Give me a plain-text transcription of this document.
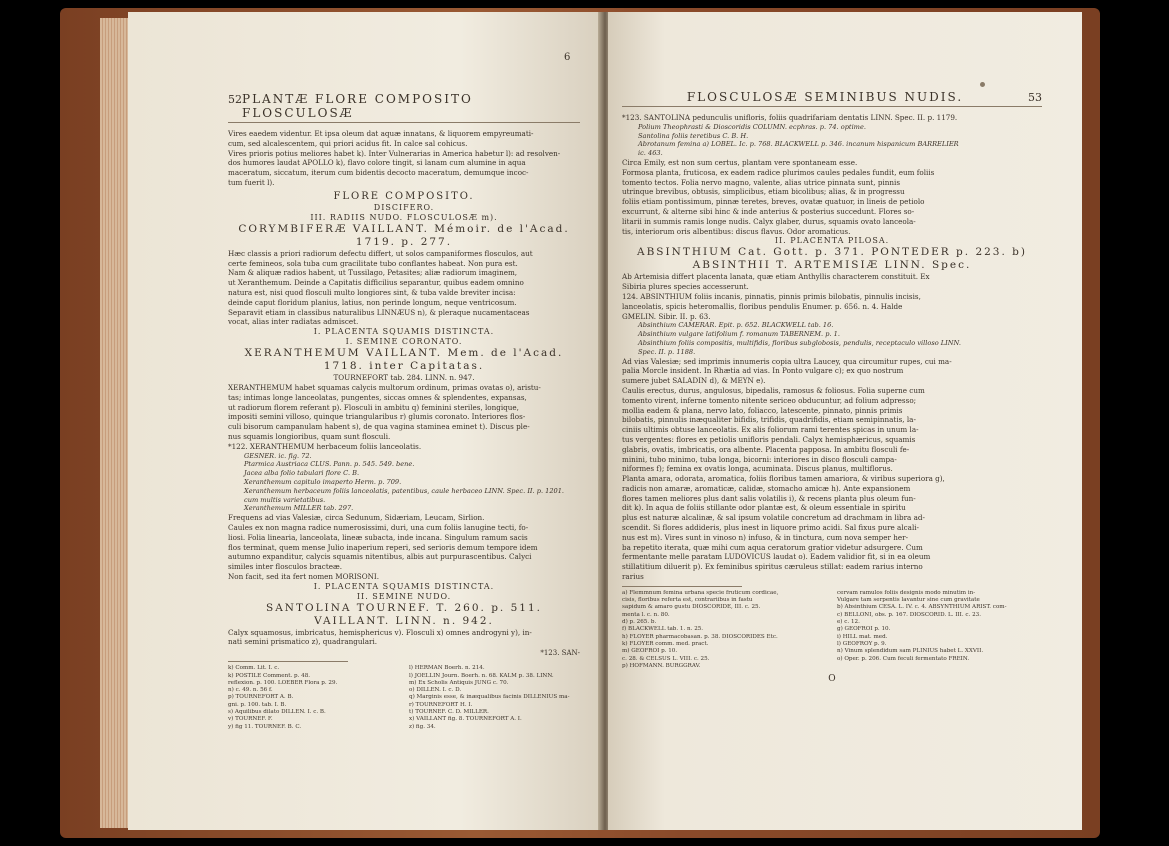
6
52 PLANTÆ FLORE COMPOSITO FLOSCULOSÆ
Vires eaedem videntur. Et ipsa oleum dat aquæ innatans, & liquorem empyreumati-
cum, sed alcalescentem, qui priori acidus fit. In calce sal cohicus.
Vires prioris potius meliores habet k). Inter Vulnerarias in America habetur l): ad resolven-
dos humores laudat APOLLO k), flavo colore tingit, si lanam cum alumine in aqua
maceratum, siccatum, iterum cum bidentis decocto maceratum, demumque incoc-
tum fuerit l).
FLORE COMPOSITO.
DISCIFERO.
III. RADIIS NUDO. FLOSCULOSÆ m).
CORYMBIFERÆ VAILLANT. Mémoir. de l'Acad. 1719. p. 277.
Hæc classis a priori radiorum defectu differt, ut solos campaniformes flosculos, aut
certe femineos, sola tuba cum gracilitate tubo conflantes habeat. Non pura est.
Nam & aliquæ radios habent, ut Tussilago, Petasites; aliæ radiorum imaginem,
ut Xeranthemum. Deinde a Capitatis difficilius separantur, quibus eadem omnino
natura est, nisi quod flosculi multo longiores sint, & tuba valde breviter incisa:
deinde caput floridum planius, latius, non perinde longum, neque ventricosum.
Separavit etiam in classibus naturalibus LINNÆUS n), & pleraque nucamentaceas
vocat, alias inter radiatas admiscet.
I. PLACENTA SQUAMIS DISTINCTA.
I. SEMINE CORONATO.
XERANTHEMUM VAILLANT. Mem. de l'Acad. 1718. inter Capitatas.
TOURNEFORT tab. 284. LINN. n. 947.
XERANTHEMUM habet squamas calycis multorum ordinum, primas ovatas o), aristu-
tas; intimas longe lanceolatas, pungentes, siccas omnes & splendentes, expansas,
ut radiorum florem referant p). Flosculi in ambitu q) feminini steriles, longique,
impositi semini villoso, quinque triangularibus r) glumis coronato. Interiores flos-
culi bisorum campanulam habent s), de qua vagina staminea eminet t). Discus ple-
nus squamis longioribus, quam sunt flosculi.

*122. XERANTHEMUM herbaceum foliis lanceolatis.

GESNER. ic. fig. 72.
Ptarmica Austriaca CLUS. Pann. p. 545. 549. bene.
Jacea alba folio tabulari flore C. B.
Xeranthemum capitulo imaperto Herm. p. 709.
Xeranthemum herbaceum foliis lanceolatis, patentibus, caule herbaceo LINN. Spec. II. p. 1201.
cum multis varietatibus.
Xeranthemum MILLER tab. 297.
Frequens ad vias Valesiæ, circa Sedunum, Sidæriam, Leucam, Sirlion.
Caules ex non magna radice numerosissimi, duri, una cum foliis lanugine tecti, fo-
liosi. Folia linearia, lanceolata, lineæ subacta, inde incana. Singulum ramum sacis
flos terminat, quem mense Julio inaperium reperi, sed serioris demum tempore idem
autumno expanditur, calycis squamis nitentibus, albis aut purpurascentibus. Calyci
similes inter flosculos bracteæ.
Non facit, sed ita fert nomen MORISONI.
I. PLACENTA SQUAMIS DISTINCTA.
II. SEMINE NUDO.
SANTOLINA TOURNEF. T. 260. p. 511. VAILLANT. LINN. n. 942.
Calyx squamosus, imbricatus, hemisphericus v). Flosculi x) omnes androgyni y), in-
nati semini prismatico z), quadrangulari.
*123. SAN-
k) Comm. Lit. I. c.	l) HERMAN Boerh. n. 214.
k) POSTILE Comment. p. 48.	l) JOELLIN Journ. Boerh. n. 68. KALM p. 38. LINN.
reflexion. p. 100. LOEBER Flora p. 29.	m) Ex Scholis Antiquis JUNG c. 70.
n) c. 49. n. 56 f.	o) DILLEN. I. c. D.
p) TOURNEFORT A. B.	q) Marginis esse, & inæqualibus facinis DILLENIUS ma-
gni. p. 100. tab. I. B.	r) TOURNEFORT H. I.
s) Aquilibus dilato DILLEN. I. c. B.	t) TOURNEF. C. D. MILLER.
v) TOURNEF. F.	x) VAILLANT fig. 8. TOURNEFORT A. I.
y) fig 11. TOURNEF. B. C.	z) fig. 34.
FLOSCULOSÆ SEMINIBUS NUDIS.	53

*123. SANTOLINA pedunculis unifloris, foliis quadrifariam dentatis LINN. Spec. II. p. 1179.

Polium Theophrasti & Dioscoridis COLUMN. ecphras. p. 74. optime.
Santolina foliis teretibus C. B. H.
Abrotanum femina a) LOBEL. Ic. p. 768. BLACKWELL p. 346. incanum hispanicum BARRELIER
ic. 463.
Circa Emily, est non sum certus, plantam vere spontaneam esse.
Formosa planta, fruticosa, ex eadem radice plurimos caules pedales fundit, eum foliis
tomento tectos. Folia nervo magno, valente, alias utrice pinnata sunt, pinnis
utrinque brevibus, obtusis, simplicibus, etiam bicolibus; alias, & in progressu
foliis etiam pontissimum, pinnæ teretes, breves, ovatæ quatuor, in lineis de petiolo
excurrunt, & alterne sibi hinc & inde anterius & posterius succedunt. Flores so-
litarii in summis ramis longe nudis. Calyx glaber, durus, squamis ovato lanceola-
tis, interiorum oris albentibus: discus flavus. Odor aromaticus.
II. PLACENTA PILOSA.
ABSINTHIUM Cat. Gott. p. 371. PONTEDER p. 223. b)
ABSINTHII T. ARTEMISIÆ LINN. Spec.
Ab Artemisia differt placenta lanata, quæ etiam Anthyllis characterem constituit. Ex
Sibiria plures species accesserunt.

124. ABSINTHIUM foliis incanis, pinnatis, pinnis primis bilobatis, pinnulis incisis,

lanceolatis, spicis heteromallis, floribus pendulis Enumer. p. 656. n. 4. Halde
GMELIN. Sibir. II. p. 63.
Absinthium CAMERAR. Epit. p. 652. BLACKWELL tab. 16.
Absinthium vulgare latifolium f. romanum TABERNEM. p. 1.
Absinthium foliis compositis, multifidis, floribus subglobosis, pendulis, receptaculo villoso LINN.
Spec. II. p. 1188.
Ad vias Valesiæ; sed imprimis innumeris copia ultra Laucey, qua circumitur rupes, cui ma-
palia Morcle insident. In Rhætia ad vias. In Ponto vulgare c); ex quo nostrum
sumere jubet SALADIN d), & MEYN e).
Caulis erectus, durus, angulosus, bipedalis, ramosus & foliosus. Folia superne cum
tomento virent, inferne tomento nitente sericeo obducuntur, ad folium adpresso;
mollia eadem & plana, nervo lato, foliacco, latescente, pinnato, pinnis primis
bilobatis, pinnulis inæqualiter bifidis, trifidis, quadrifidis, etiam semipinnatis, la-
ciniis ultimis obtuse lanceolatis. Ex alis foliorum rami terentes spicas in unum la-
tus vergentes: flores ex petiolis unifloris pendali. Calyx hemisphæricus, squamis
glabris, ovatis, imbricatis, ora albente. Placenta papposa. In ambitu flosculi fe-
minini, tubo minimo, tuba longa, bicorni: interiores in disco flosculi campa-
niformes f); femina ex ovatis longa, acuminata. Discus planus, multiflorus.
Planta amara, odorata, aromatica, foliis floribus tamen amariora, & viribus superiora g),
radicis non amaræ, aromaticæ, calidæ, stomacho amicæ h). Ante expansionem
flores tamen meliores plus dant salis volatilis i), & recens planta plus oleum fun-
dit k). In aqua de foliis stillante odor plantæ est, & oleum essentiale in spiritu
plus est naturæ alcalinæ, & sal ipsum volatile concretum ad drachmam in libra ad-
scendit. Si flores addideris, plus inest in liquore primo acidi. Sal fixus pure alcali-
nus est m). Vires sunt in vinoso n) infuso, & in tinctura, cum nova semper her-
ba repetito iterata, quæ mihi cum aqua ceratorum gratior videtur adsurgere. Cum
fermentante melle paratam LUDOVICUS laudat o). Eadem validior fit, si in ea oleum
stillatitium diluerit p). Ex feminibus spiritus cæruleus stillat: eadem rarius interno
rarius
a) Flemmnum femina urbana specie fruticum cordicae,	cervam ramulos foliis designis modo minutim in-
cisis, floribus referta est, contrariibus in fastu	Vulgare tam serpentis lavantur sine cum gravitate
sapidum & amaro gustu DIOSCORIDE, III. c. 25.	b) Absinthium CESA. L. IV. c. 4. ABSYNTHIUM ARIST. com-
menta l. c. n. 80.	c) BELLONI, obs. p. 167. DIOSCORID. L. III. c. 23.
d) p. 265. b.	e) c. 12.
f) BLACKWELL tab. 1. n. 25.	g) GEOFROI p. 10.
h) FLOYER pharmacobasan. p. 38. DIOSCORIDES Etc.	i) HILL mat. med.
k) FLOYER comm. med. pract.	l) GEOFROY p. 9.
m) GEOFROI p. 10.	n) Vinum splendidum sam PLINIUS habet L. XXVII.
c. 28. & CELSUS L. VIII. c. 25.	o) Oper. p. 206. Cum feculi fermentato FREIN.
p) HOFMANN. BURGGRAV.
O
